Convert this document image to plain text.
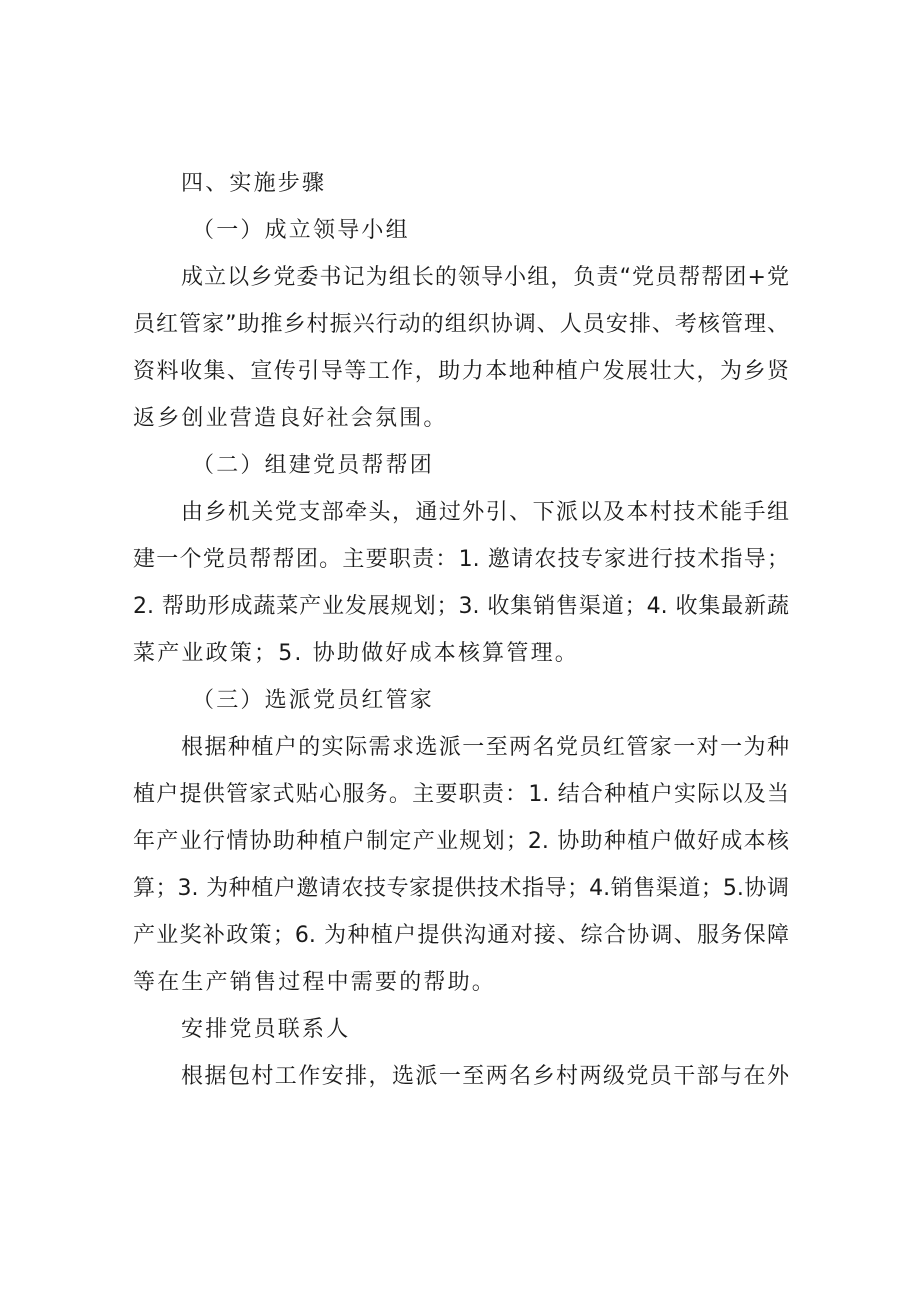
四、实施步骤
（一）成立领导小组
成立以乡党委书记为组长的领导小组，负责“党员帮帮团+党
员红管家”助推乡村振兴行动的组织协调、人员安排、考核管理、
资料收集、宣传引导等工作，助力本地种植户发展壮大，为乡贤
返乡创业营造良好社会氛围。
（二）组建党员帮帮团
由乡机关党支部牵头，通过外引、下派以及本村技术能手组
建一个党员帮帮团。主要职责：1. 邀请农技专家进行技术指导；
2. 帮助形成蔬菜产业发展规划；3. 收集销售渠道；4. 收集最新蔬
菜产业政策；5. 协助做好成本核算管理。
（三）选派党员红管家
根据种植户的实际需求选派一至两名党员红管家一对一为种
植户提供管家式贴心服务。主要职责：1. 结合种植户实际以及当
年产业行情协助种植户制定产业规划；2. 协助种植户做好成本核
算；3. 为种植户邀请农技专家提供技术指导；4.销售渠道；5.协调
产业奖补政策；6. 为种植户提供沟通对接、综合协调、服务保障
等在生产销售过程中需要的帮助。
安排党员联系人
根据包村工作安排，选派一至两名乡村两级党员干部与在外
